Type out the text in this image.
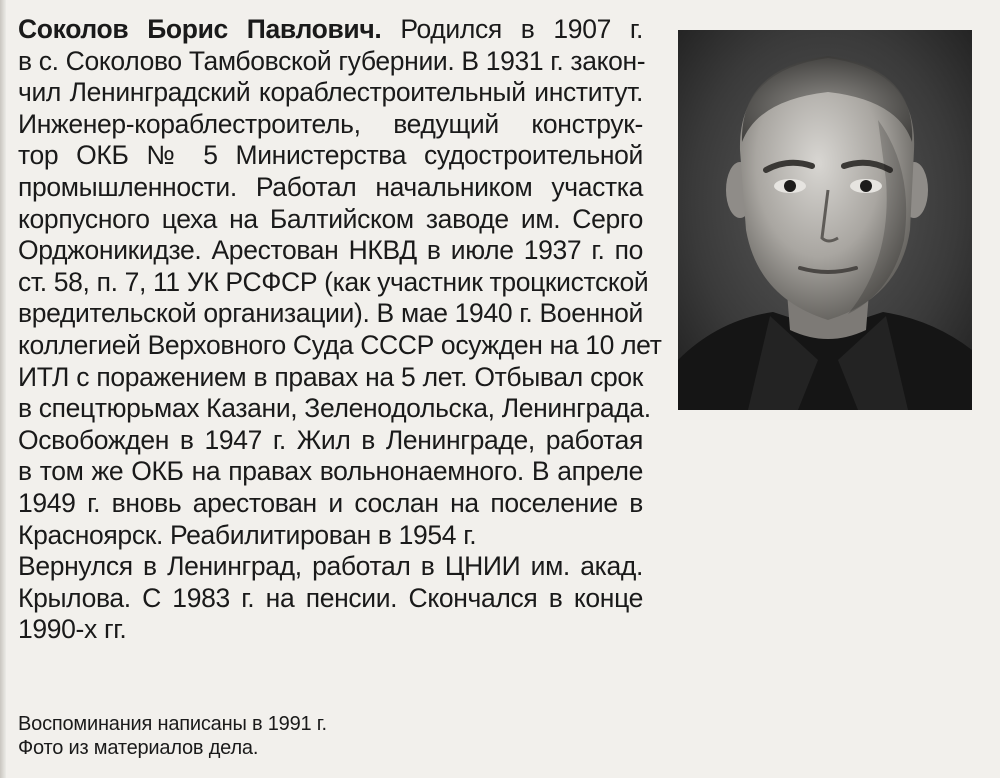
Соколов Борис Павлович. Родился в 1907 г.
в с. Соколово Тамбовской губернии. В 1931 г. закон-
чил Ленинградский кораблестроительный институт.
Инженер-кораблестроитель, ведущий конструк-
тор ОКБ № 5 Министерства судостроительной
промышленности. Работал начальником участка
корпусного цеха на Балтийском заводе им. Серго
Орджоникидзе. Арестован НКВД в июле 1937 г. по
ст. 58, п. 7, 11 УК РСФСР (как участник троцкистской
вредительской организации). В мае 1940 г. Военной
коллегией Верховного Суда СССР осужден на 10 лет
ИТЛ с поражением в правах на 5 лет. Отбывал срок
в спецтюрьмах Казани, Зеленодольска, Ленинграда.
Освобожден в 1947 г. Жил в Ленинграде, работая
в том же ОКБ на правах вольнонаемного. В апреле
1949 г. вновь арестован и сослан на поселение в
Красноярск. Реабилитирован в 1954 г.
Вернулся в Ленинград, работал в ЦНИИ им. акад.
Крылова. С 1983 г. на пенсии. Скончался в конце
1990-х гг.
Воспоминания написаны в 1991 г.
Фото из материалов дела.
